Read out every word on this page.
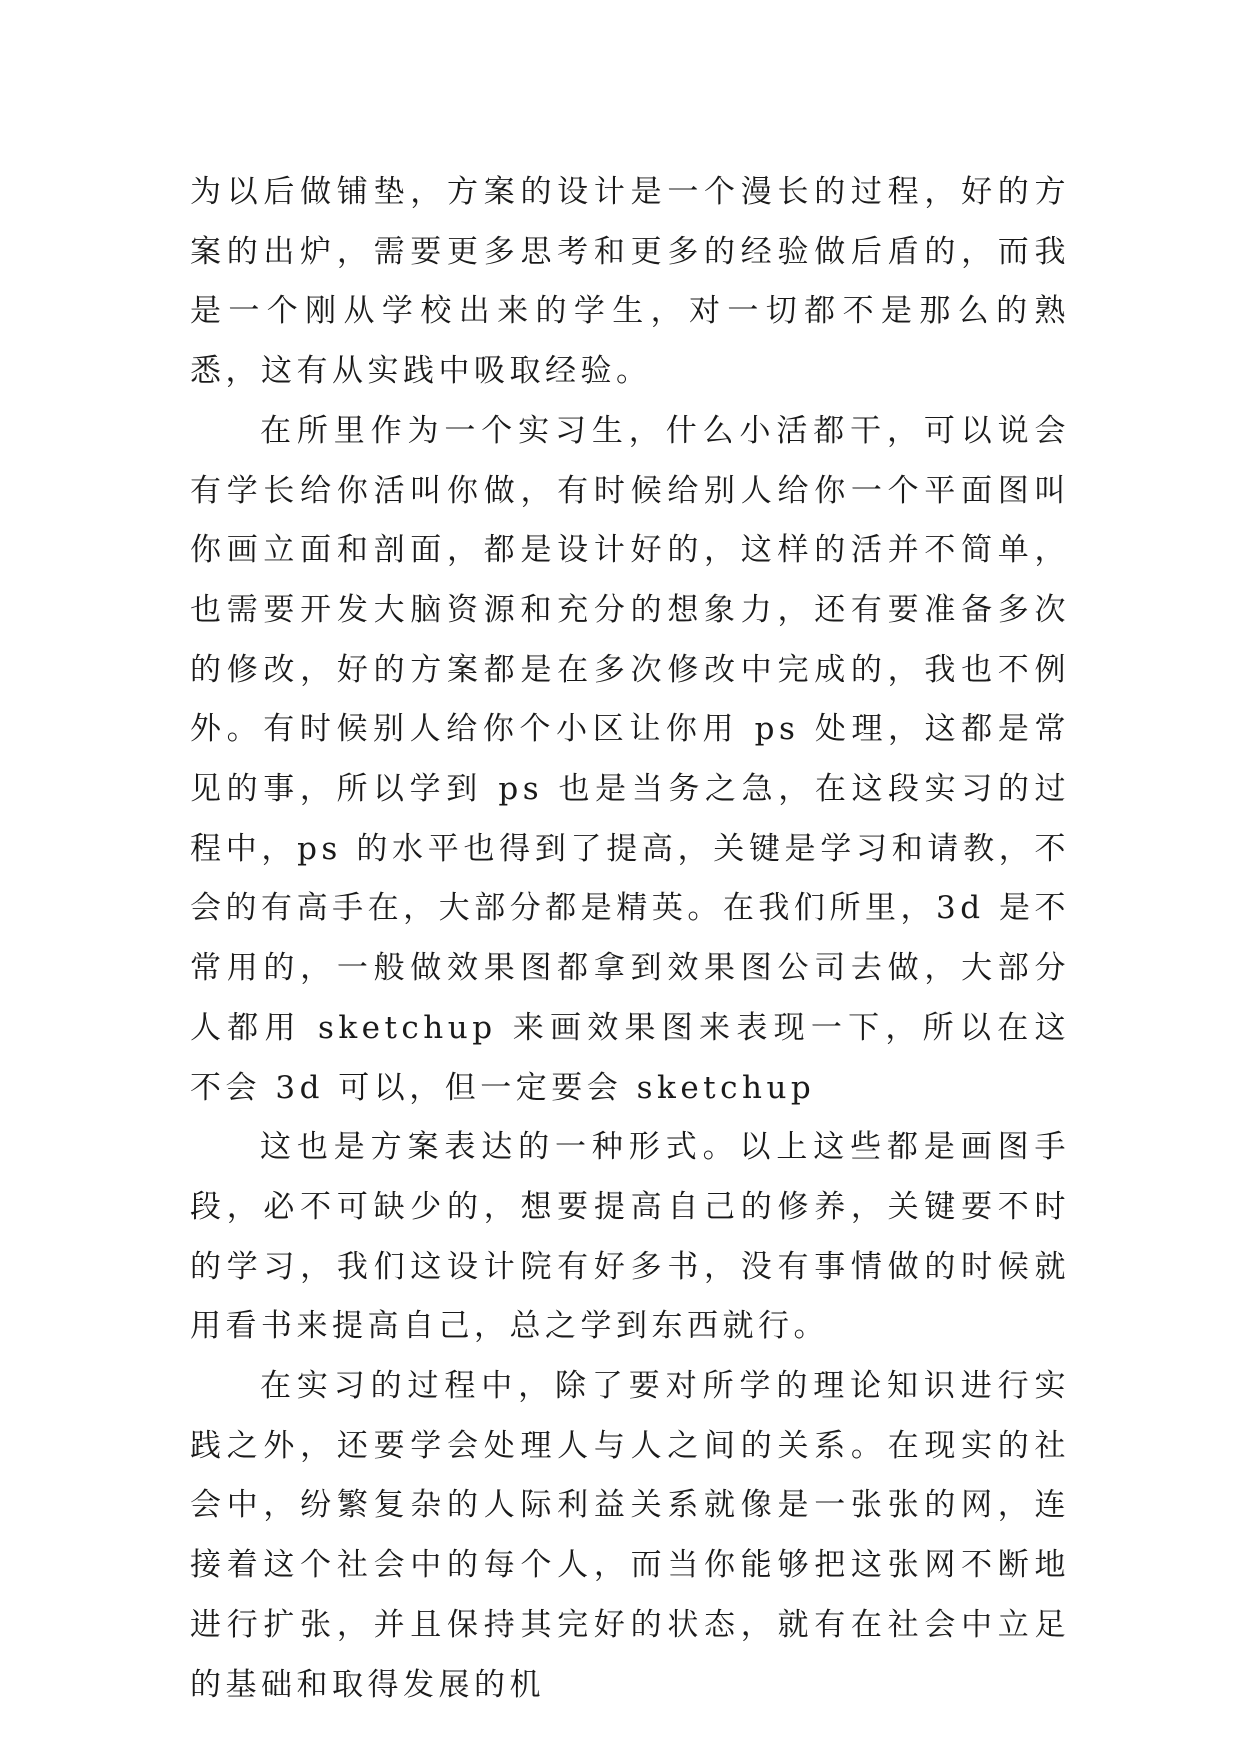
为以后做铺垫，方案的设计是一个漫长的过程，好的方案的出炉，需要更多思考和更多的经验做后盾的，而我是一个刚从学校出来的学生，对一切都不是那么的熟悉，这有从实践中吸取经验。

在所里作为一个实习生，什么小活都干，可以说会有学长给你活叫你做，有时候给别人给你一个平面图叫你画立面和剖面，都是设计好的，这样的活并不简单，也需要开发大脑资源和充分的想象力，还有要准备多次的修改，好的方案都是在多次修改中完成的，我也不例外。有时候别人给你个小区让你用 ps 处理，这都是常见的事，所以学到 ps 也是当务之急，在这段实习的过程中，ps 的水平也得到了提高，关键是学习和请教，不会的有高手在，大部分都是精英。在我们所里，3d 是不常用的，一般做效果图都拿到效果图公司去做，大部分人都用 sketchup 来画效果图来表现一下，所以在这不会 3d 可以，但一定要会 sketchup

这也是方案表达的一种形式。以上这些都是画图手段，必不可缺少的，想要提高自己的修养，关键要不时的学习，我们这设计院有好多书，没有事情做的时候就用看书来提高自己，总之学到东西就行。

在实习的过程中，除了要对所学的理论知识进行实践之外，还要学会处理人与人之间的关系。在现实的社会中，纷繁复杂的人际利益关系就像是一张张的网，连接着这个社会中的每个人，而当你能够把这张网不断地进行扩张，并且保持其完好的状态，就有在社会中立足的基础和取得发展的机
